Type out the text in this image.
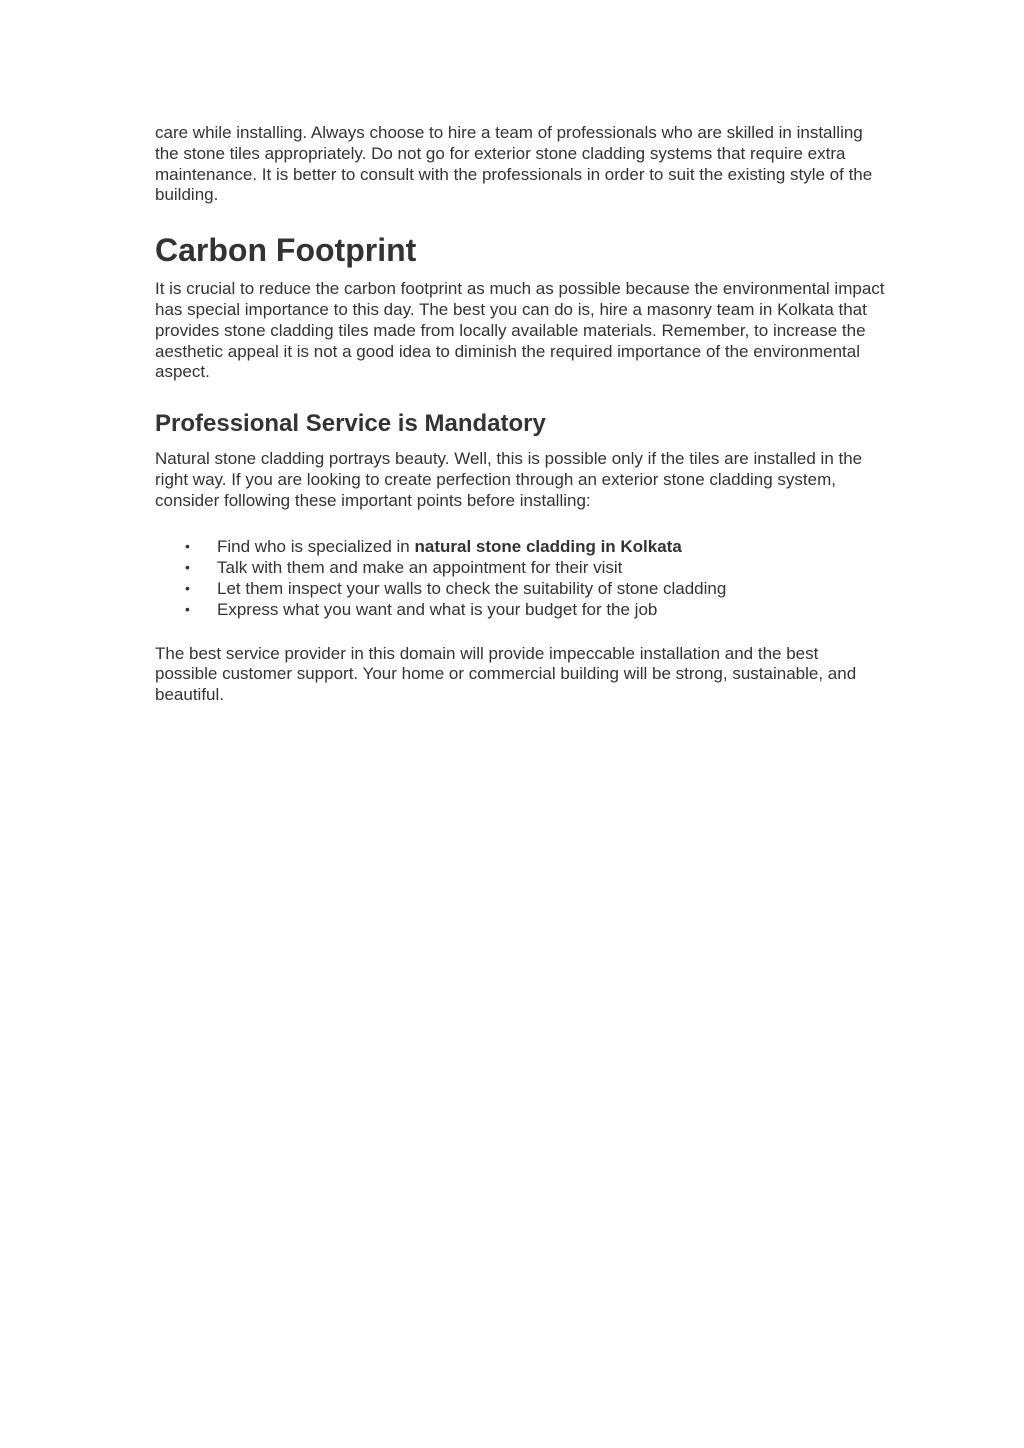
care while installing. Always choose to hire a team of professionals who are skilled in installing the stone tiles appropriately. Do not go for exterior stone cladding systems that require extra maintenance. It is better to consult with the professionals in order to suit the existing style of the building.

Carbon Footprint

It is crucial to reduce the carbon footprint as much as possible because the environmental impact has special importance to this day. The best you can do is, hire a masonry team in Kolkata that provides stone cladding tiles made from locally available materials. Remember, to increase the aesthetic appeal it is not a good idea to diminish the required importance of the environmental aspect.

Professional Service is Mandatory

Natural stone cladding portrays beauty. Well, this is possible only if the tiles are installed in the right way. If you are looking to create perfection through an exterior stone cladding system, consider following these important points before installing:

• Find who is specialized in natural stone cladding in Kolkata
• Talk with them and make an appointment for their visit
• Let them inspect your walls to check the suitability of stone cladding
• Express what you want and what is your budget for the job

The best service provider in this domain will provide impeccable installation and the best possible customer support. Your home or commercial building will be strong, sustainable, and beautiful.
